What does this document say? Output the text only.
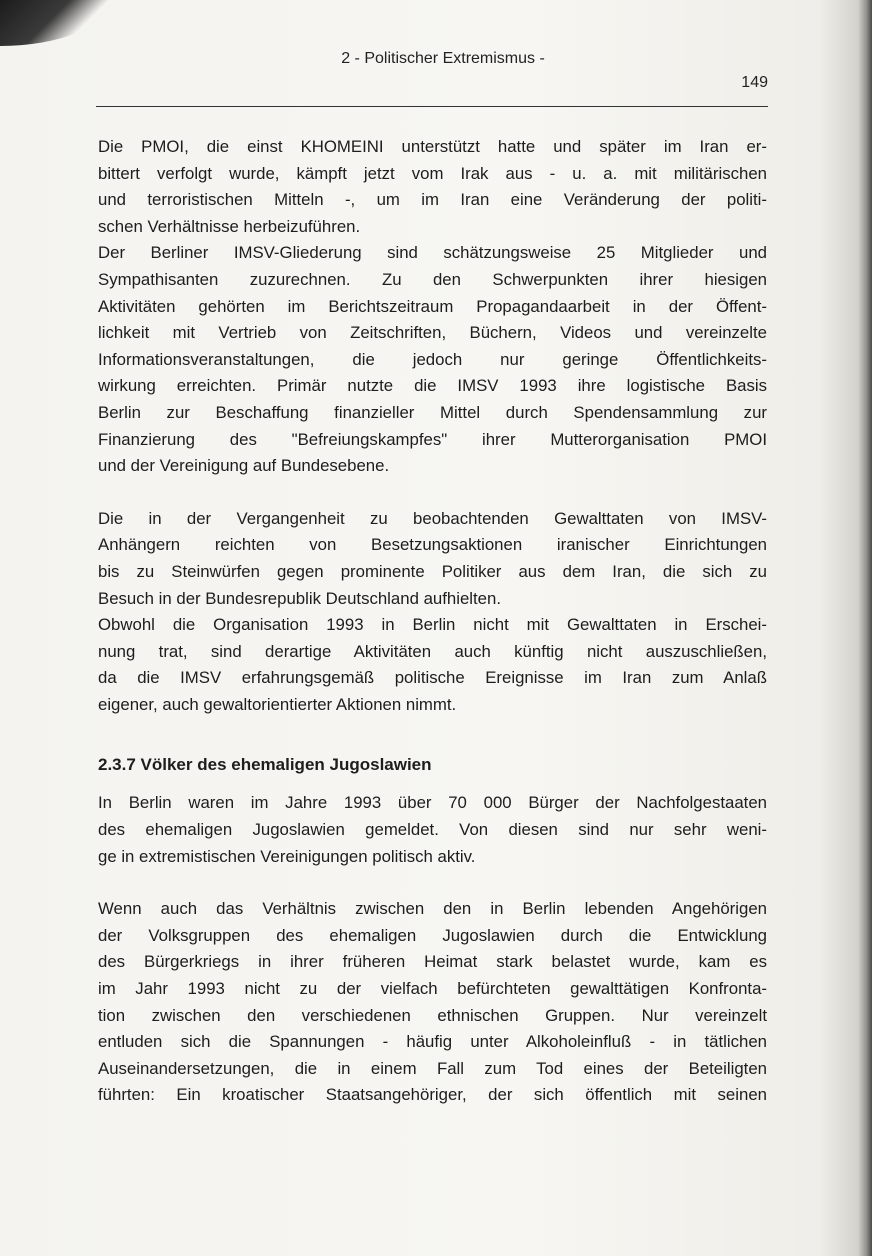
2 - Politischer Extremismus -
149

Die PMOI, die einst KHOMEINI unterstützt hatte und später im Iran er-
bittert verfolgt wurde, kämpft jetzt vom Irak aus - u. a. mit militärischen
und terroristischen Mitteln -, um im Iran eine Veränderung der politi-
schen Verhältnisse herbeizuführen.

Der Berliner IMSV-Gliederung sind schätzungsweise 25 Mitglieder und
Sympathisanten zuzurechnen. Zu den Schwerpunkten ihrer hiesigen
Aktivitäten gehörten im Berichtszeitraum Propagandaarbeit in der Öffent-
lichkeit mit Vertrieb von Zeitschriften, Büchern, Videos und vereinzelte
Informationsveranstaltungen, die jedoch nur geringe Öffentlichkeits-
wirkung erreichten. Primär nutzte die IMSV 1993 ihre logistische Basis
Berlin zur Beschaffung finanzieller Mittel durch Spendensammlung zur
Finanzierung des "Befreiungskampfes" ihrer Mutterorganisation PMOI
und der Vereinigung auf Bundesebene.

Die in der Vergangenheit zu beobachtenden Gewalttaten von IMSV-
Anhängern reichten von Besetzungsaktionen iranischer Einrichtungen
bis zu Steinwürfen gegen prominente Politiker aus dem Iran, die sich zu
Besuch in der Bundesrepublik Deutschland aufhielten.

Obwohl die Organisation 1993 in Berlin nicht mit Gewalttaten in Erschei-
nung trat, sind derartige Aktivitäten auch künftig nicht auszuschließen,
da die IMSV erfahrungsgemäß politische Ereignisse im Iran zum Anlaß
eigener, auch gewaltorientierter Aktionen nimmt.

2.3.7 Völker des ehemaligen Jugoslawien

In Berlin waren im Jahre 1993 über 70 000 Bürger der Nachfolgestaaten
des ehemaligen Jugoslawien gemeldet. Von diesen sind nur sehr weni-
ge in extremistischen Vereinigungen politisch aktiv.

Wenn auch das Verhältnis zwischen den in Berlin lebenden Angehörigen
der Volksgruppen des ehemaligen Jugoslawien durch die Entwicklung
des Bürgerkriegs in ihrer früheren Heimat stark belastet wurde, kam es
im Jahr 1993 nicht zu der vielfach befürchteten gewalttätigen Konfronta-
tion zwischen den verschiedenen ethnischen Gruppen. Nur vereinzelt
entluden sich die Spannungen - häufig unter Alkoholeinfluß - in tätlichen
Auseinandersetzungen, die in einem Fall zum Tod eines der Beteiligten
führten: Ein kroatischer Staatsangehöriger, der sich öffentlich mit seinen
